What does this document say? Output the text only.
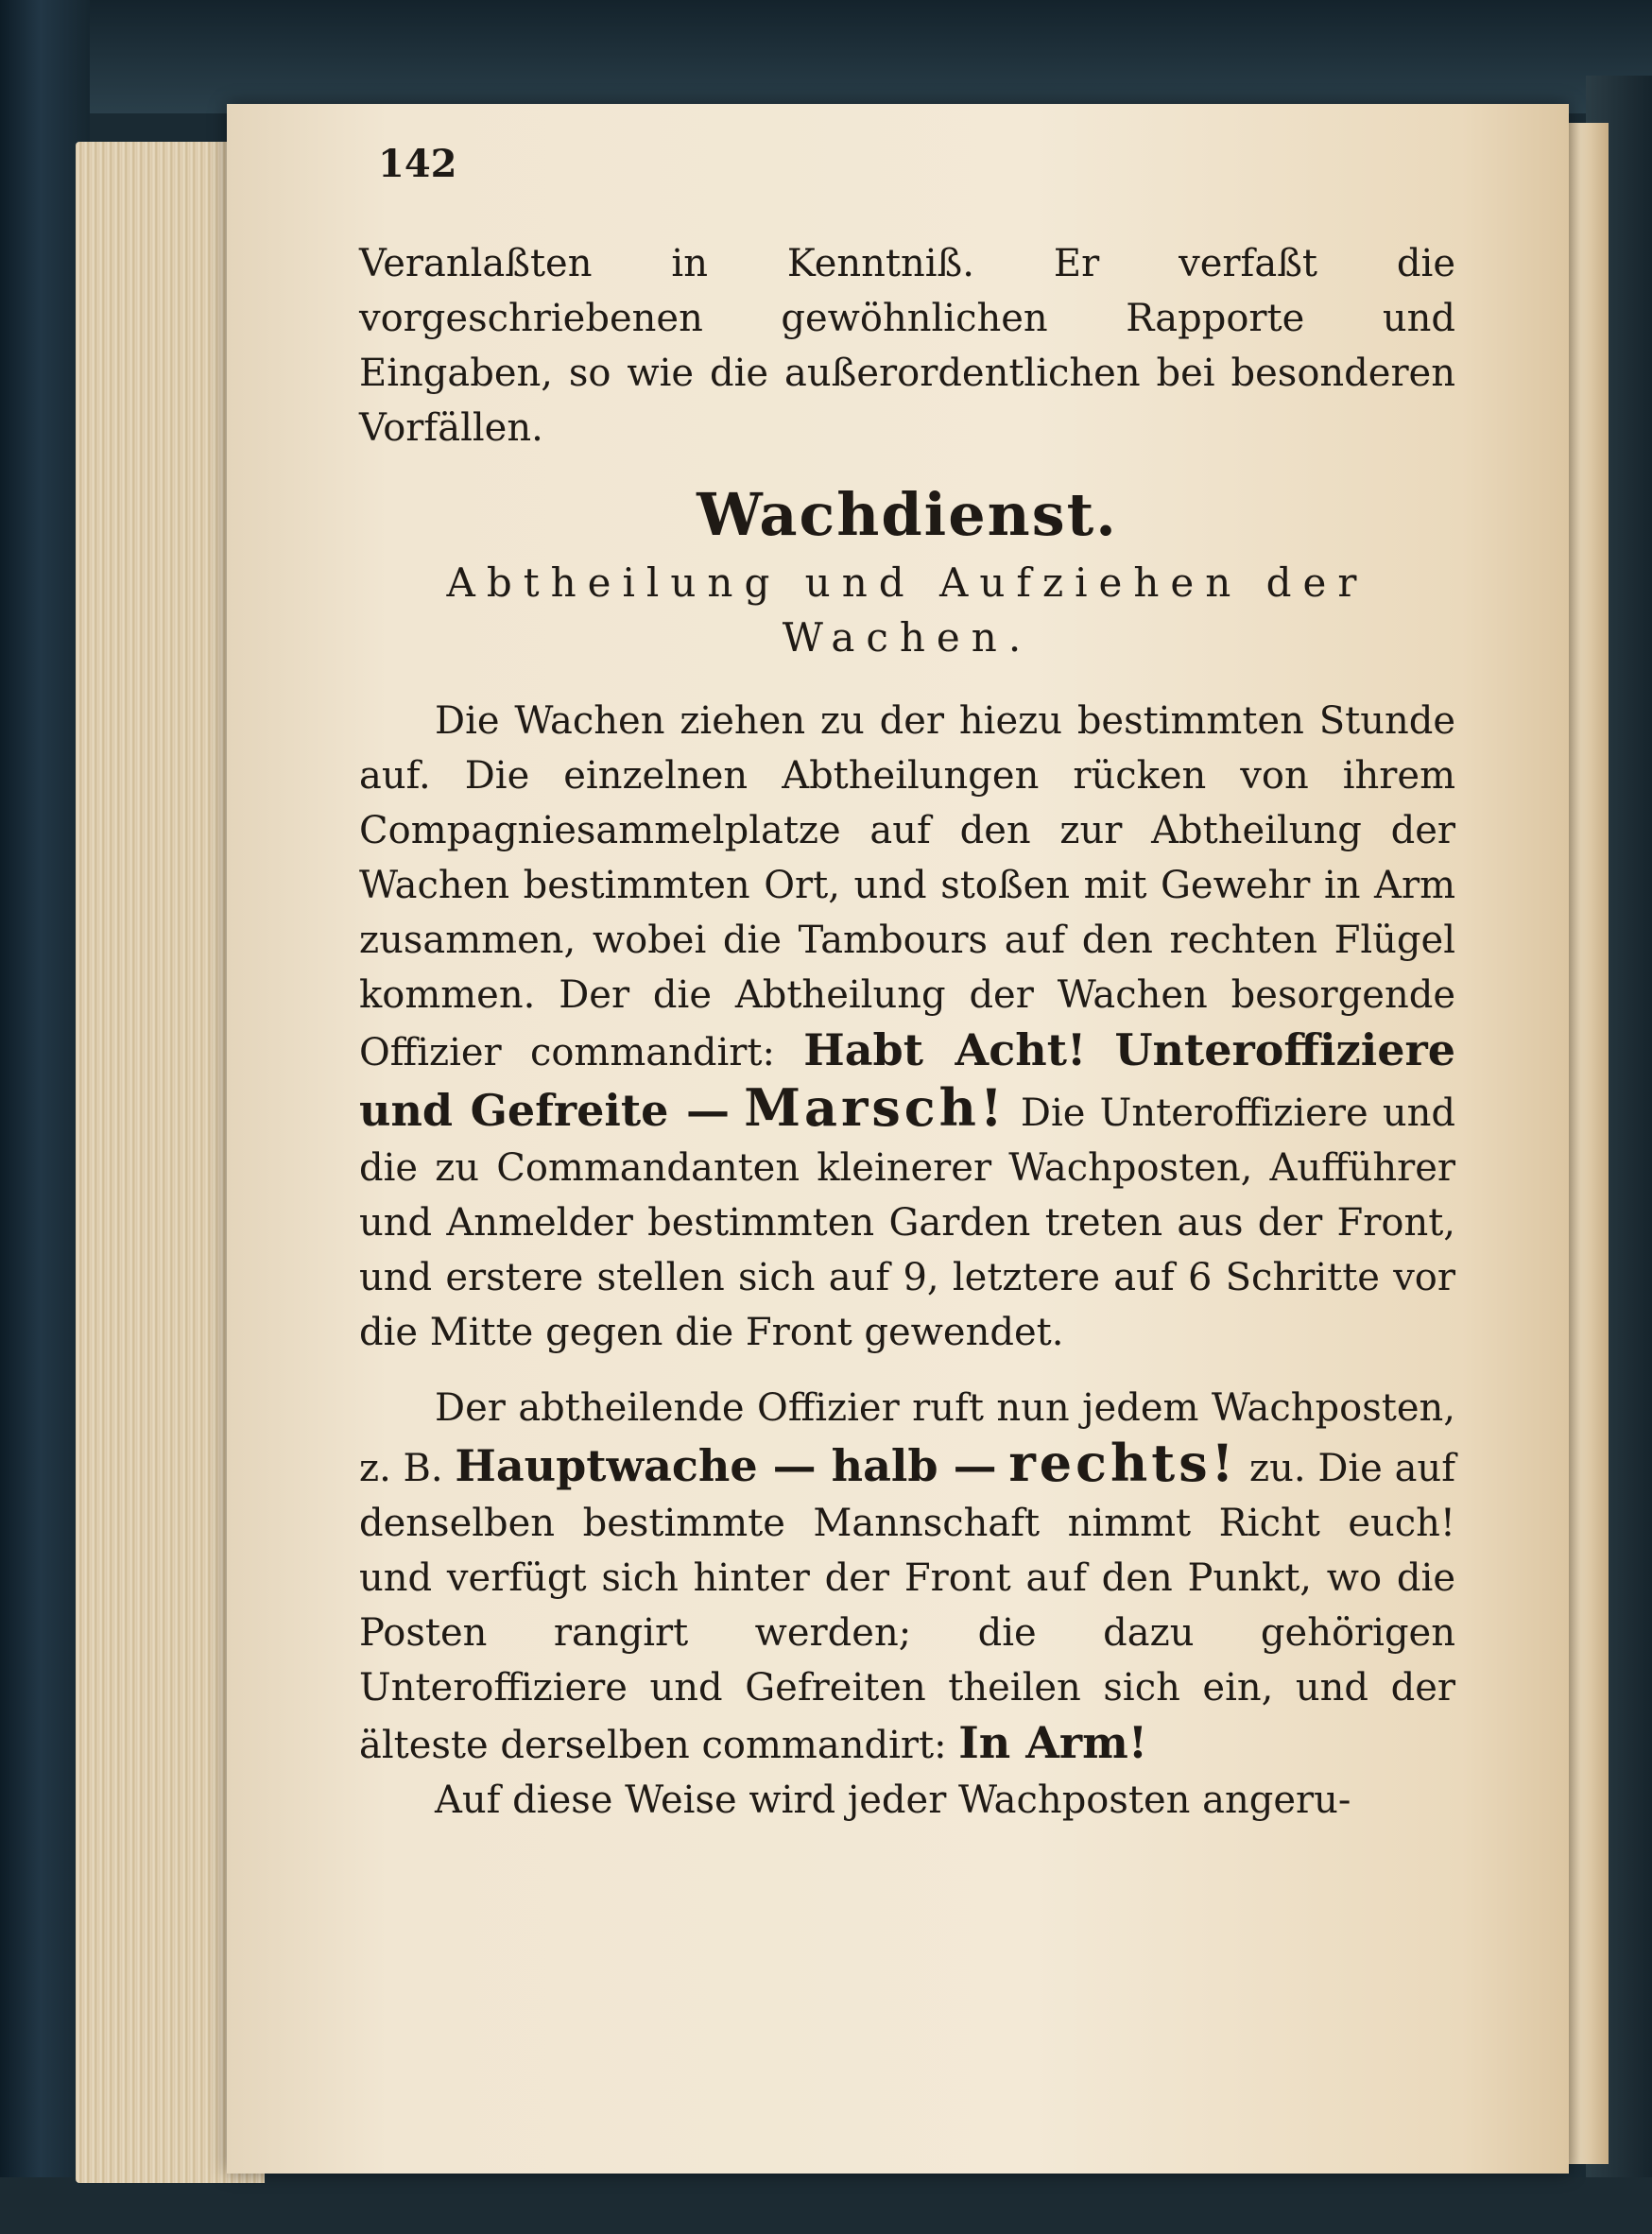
142

Veranlaßten in Kenntniß. Er verfaßt die vorgeschriebenen gewöhnlichen Rapporte und Eingaben, so wie die außerordentlichen bei besonderen Vorfällen.

Wachdienst.
Abtheilung und Aufziehen der Wachen.

Die Wachen ziehen zu der hiezu bestimmten Stunde auf. Die einzelnen Abtheilungen rücken von ihrem Compagniesammelplatze auf den zur Abtheilung der Wachen bestimmten Ort, und stoßen mit Gewehr in Arm zusammen, wobei die Tambours auf den rechten Flügel kommen. Der die Abtheilung der Wachen besorgende Offizier commandirt: Habt Acht! Unteroffiziere und Gefreite — Marsch! Die Unteroffiziere und die zu Commandanten kleinerer Wachposten, Aufführer und Anmelder bestimmten Garden treten aus der Front, und erstere stellen sich auf 9, letztere auf 6 Schritte vor die Mitte gegen die Front gewendet.

Der abtheilende Offizier ruft nun jedem Wachposten, z. B. Hauptwache — halb — rechts! zu. Die auf denselben bestimmte Mannschaft nimmt Richt euch! und verfügt sich hinter der Front auf den Punkt, wo die Posten rangirt werden; die dazu gehörigen Unteroffiziere und Gefreiten theilen sich ein, und der älteste derselben commandirt: In Arm!

Auf diese Weise wird jeder Wachposten angeru-
